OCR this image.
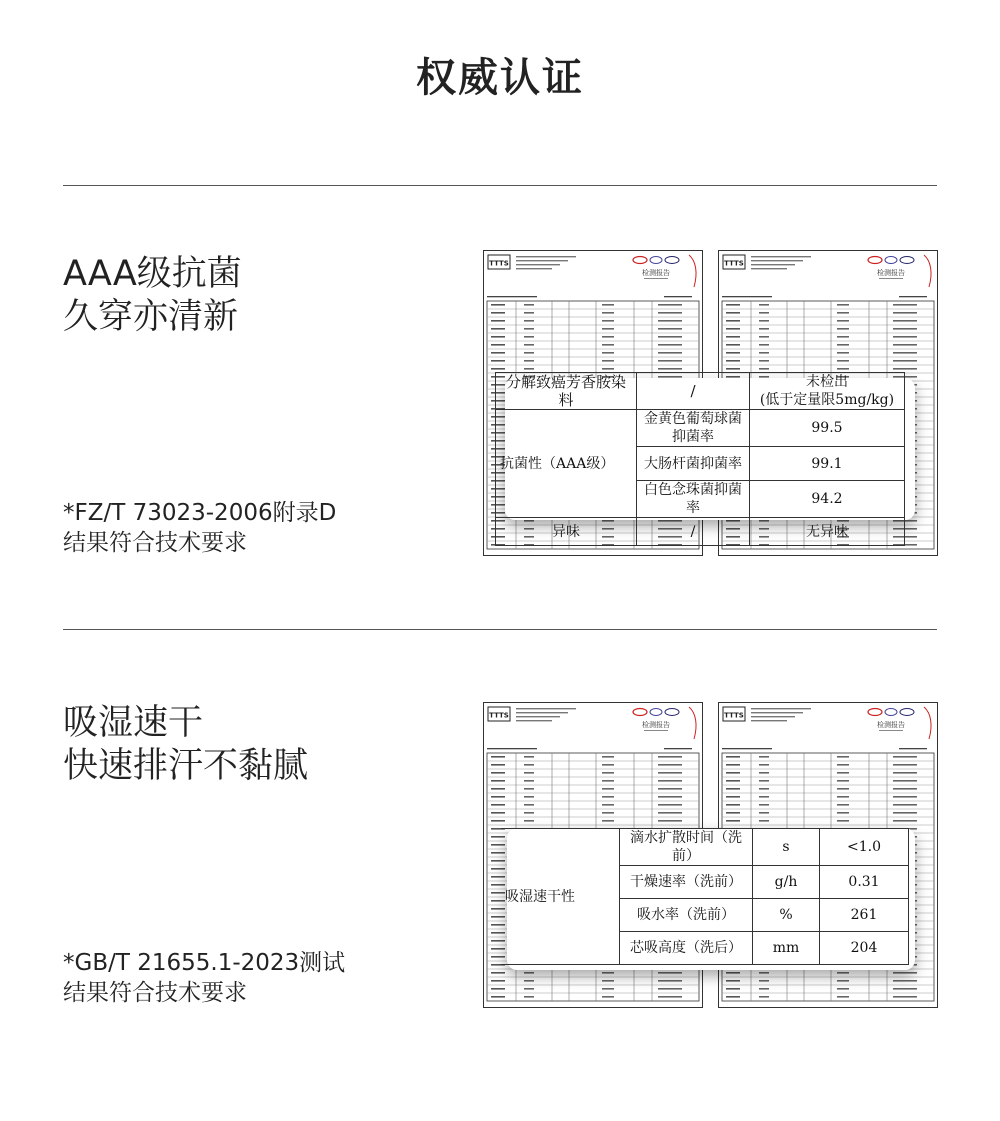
权威认证
AAA级抗菌
久穿亦清新
*FZ/T 73023-2006附录D
结果符合技术要求
TTTS
检测报告
TTTS
检测报告
分解致癌芳香胺染料	/	未检出
(低于定量限5mg/kg)

抗菌性（AAA级）	金黄色葡萄球菌抑菌率	99.5
	大肠杆菌抑菌率	99.1
	白色念珠菌抑菌率	94.2
异味	/	无异味
吸湿速干
快速排汗不黏腻
*GB/T 21655.1-2023测试
结果符合技术要求
TTTS
检测报告
TTTS
检测报告
吸湿速干性	滴水扩散时间（洗前）	s	<1.0
	干燥速率（洗前）	g/h	0.31
	吸水率（洗前）	%	261
	芯吸高度（洗后）	mm	204
